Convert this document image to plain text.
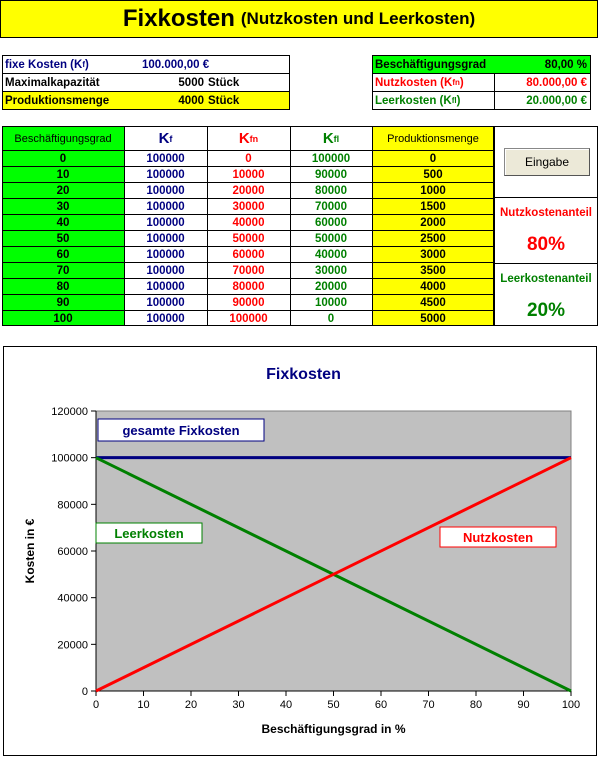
Fixkosten (Nutzkosten und Leerkosten)
fixe Kosten (K f )	100.000,00 €
Maximalkapazität	5000 Stück
Produktionsmenge	4000 Stück
Beschäftigungsgrad	80,00 %
Nutzkosten (K fn )	80.000,00 €
Leerkosten (K fl )	20.000,00 €
Beschäftigungsgrad	K f	K fn	K fl	Produktionsmenge
0	100000	0	100000	0
10	100000	10000	90000	500
20	100000	20000	80000	1000
30	100000	30000	70000	1500
40	100000	40000	60000	2000
50	100000	50000	50000	2500
60	100000	60000	40000	3000
70	100000	70000	30000	3500
80	100000	80000	20000	4000
90	100000	90000	10000	4500
100	100000	100000	0	5000
Eingabe
Nutzkostenanteil
80%
Leerkostenanteil
20%
Fixkosten
0
20000
40000
60000
80000
100000
120000
0	10	20	30	40	50	60	70	80	90	100
Beschäftigungsgrad in %
Kosten in €
gesamte Fixkosten
Leerkosten	Nutzkosten
